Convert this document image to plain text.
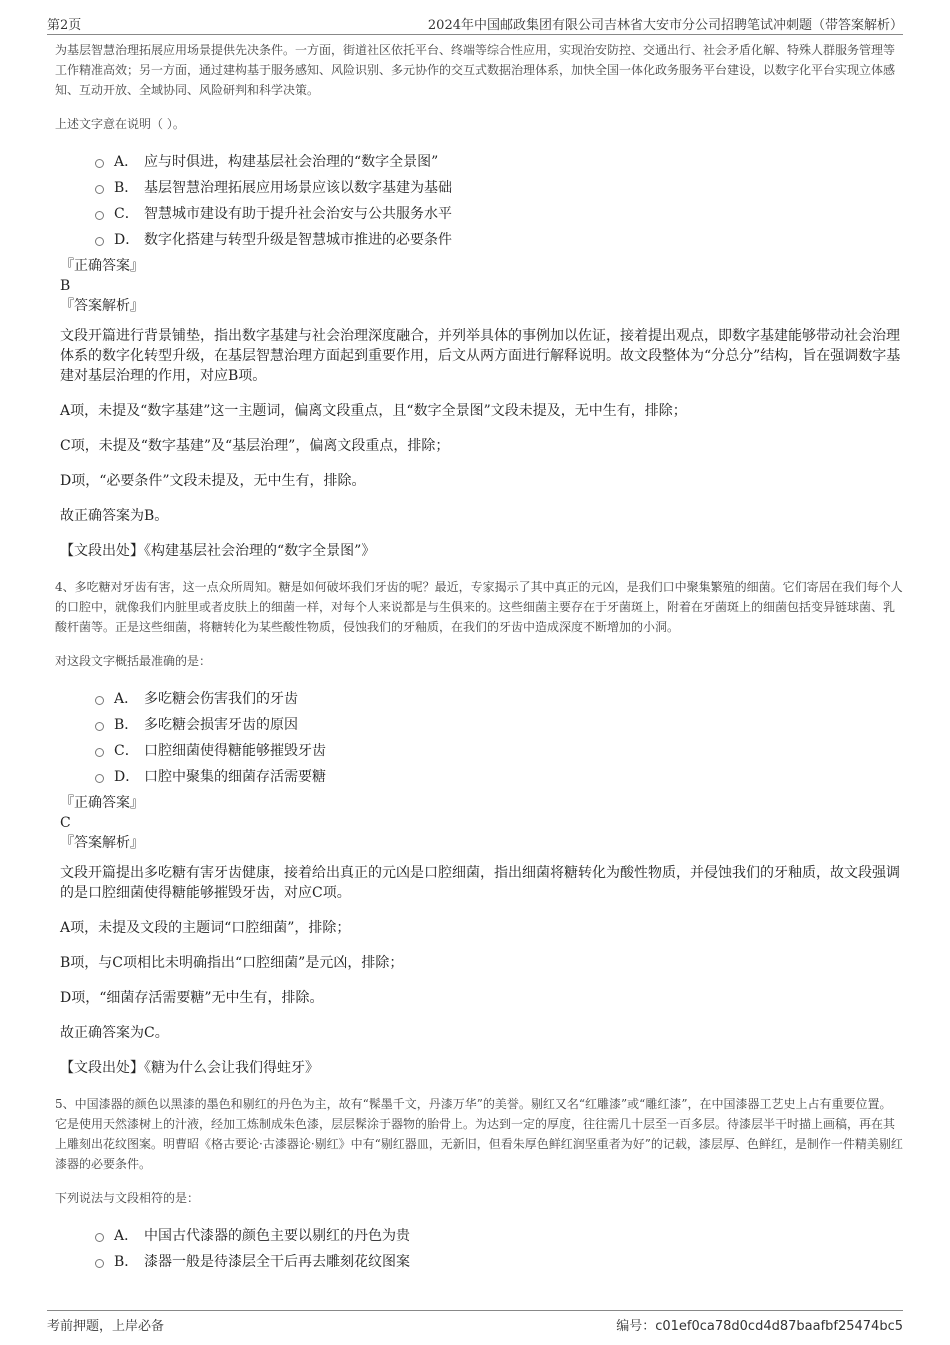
第2页	2024年中国邮政集团有限公司吉林省大安市分公司招聘笔试冲刺题（带答案解析）

为基层智慧治理拓展应用场景提供先决条件。一方面，街道社区依托平台、终端等综合性应用，实现治安防控、交通出行、社会矛盾化解、特殊人群服务管理等工作精准高效；另一方面，通过建构基于服务感知、风险识别、多元协作的交互式数据治理体系，加快全国一体化政务服务平台建设，以数字化平台实现立体感知、互动开放、全域协同、风险研判和科学决策。

上述文字意在说明（ ）。

A． 应与时俱进，构建基层社会治理的“数字全景图”
B． 基层智慧治理拓展应用场景应该以数字基建为基础
C． 智慧城市建设有助于提升社会治安与公共服务水平
D． 数字化搭建与转型升级是智慧城市推进的必要条件
『正确答案』
B
『答案解析』

文段开篇进行背景铺垫，指出数字基建与社会治理深度融合，并列举具体的事例加以佐证，接着提出观点，即数字基建能够带动社会治理体系的数字化转型升级，在基层智慧治理方面起到重要作用，后文从两方面进行解释说明。故文段整体为“分总分”结构，旨在强调数字基建对基层治理的作用，对应B项。

A项，未提及“数字基建”这一主题词，偏离文段重点，且“数字全景图”文段未提及，无中生有，排除；

C项，未提及“数字基建”及“基层治理”，偏离文段重点，排除；

D项，“必要条件”文段未提及，无中生有，排除。

故正确答案为B。

【文段出处】《构建基层社会治理的“数字全景图”》

4、多吃糖对牙齿有害，这一点众所周知。糖是如何破坏我们牙齿的呢？最近，专家揭示了其中真正的元凶，是我们口中聚集繁殖的细菌。它们寄居在我们每个人的口腔中，就像我们内脏里或者皮肤上的细菌一样，对每个人来说都是与生俱来的。这些细菌主要存在于牙菌斑上，附着在牙菌斑上的细菌包括变异链球菌、乳酸杆菌等。正是这些细菌，将糖转化为某些酸性物质，侵蚀我们的牙釉质，在我们的牙齿中造成深度不断增加的小洞。

对这段文字概括最准确的是：

A． 多吃糖会伤害我们的牙齿
B． 多吃糖会损害牙齿的原因
C． 口腔细菌使得糖能够摧毁牙齿
D． 口腔中聚集的细菌存活需要糖
『正确答案』
C
『答案解析』

文段开篇提出多吃糖有害牙齿健康，接着给出真正的元凶是口腔细菌，指出细菌将糖转化为酸性物质，并侵蚀我们的牙釉质，故文段强调的是口腔细菌使得糖能够摧毁牙齿，对应C项。

A项，未提及文段的主题词“口腔细菌”，排除；

B项，与C项相比未明确指出“口腔细菌”是元凶，排除；

D项，“细菌存活需要糖”无中生有，排除。

故正确答案为C。

【文段出处】《糖为什么会让我们得蛀牙》

5、中国漆器的颜色以黑漆的墨色和剔红的丹色为主，故有“髹墨千文，丹漆万华”的美誉。剔红又名“红雕漆”或“雕红漆”，在中国漆器工艺史上占有重要位置。它是使用天然漆树上的汁液，经加工炼制成朱色漆，层层髹涂于器物的胎骨上。为达到一定的厚度，往往需几十层至一百多层。待漆层半干时描上画稿，再在其上雕刻出花纹图案。明曹昭《格古要论·古漆器论·剔红》中有“剔红器皿，无新旧，但看朱厚色鲜红润坚重者为好”的记载，漆层厚、色鲜红，是制作一件精美剔红漆器的必要条件。

下列说法与文段相符的是：

A． 中国古代漆器的颜色主要以剔红的丹色为贵
B． 漆器一般是待漆层全干后再去雕刻花纹图案
考前押题，上岸必备	编号：c01ef0ca78d0cd4d87baafbf25474bc5
